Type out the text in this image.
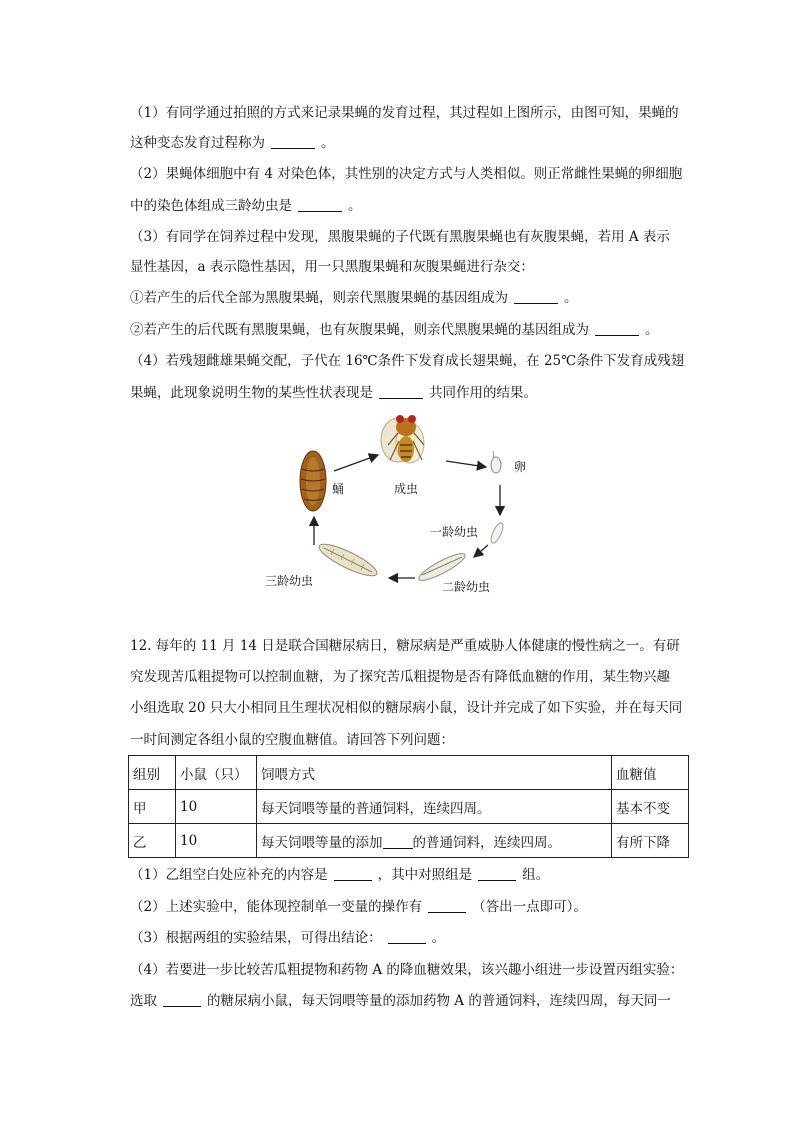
（1）有同学通过拍照的方式来记录果蝇的发育过程，其过程如上图所示，由图可知，果蝇的
这种变态发育过程称为	。
（2）果蝇体细胞中有 4 对染色体，其性别的决定方式与人类相似。则正常雌性果蝇的卵细胞
中的染色体组成三龄幼虫是	。
（3）有同学在饲养过程中发现，黑腹果蝇的子代既有黑腹果蝇也有灰腹果蝇，若用 A 表示
显性基因，a 表示隐性基因，用一只黑腹果蝇和灰腹果蝇进行杂交：
①若产生的后代全部为黑腹果蝇，则亲代黑腹果蝇的基因组成为	。
②若产生的后代既有黑腹果蝇，也有灰腹果蝇，则亲代黑腹果蝇的基因组成为	。
（4）若残翅雌雄果蝇交配，子代在 16℃条件下发育成长翅果蝇，在 25℃条件下发育成残翅
果蝇，此现象说明生物的某些性状表现是	共同作用的结果。
成虫
蛹
卵
一龄幼虫
二龄幼虫
三龄幼虫
12. 每年的 11 月 14 日是联合国糖尿病日，糖尿病是严重威胁人体健康的慢性病之一。有研
究发现苦瓜粗提物可以控制血糖，为了探究苦瓜粗提物是否有降低血糖的作用，某生物兴趣
小组选取 20 只大小相同且生理状况相似的糖尿病小鼠，设计并完成了如下实验，并在每天同
一时间测定各组小鼠的空腹血糖值。请回答下列问题：
组别	小鼠（只）	饲喂方式	血糖值
甲	10	每天饲喂等量的普通饲料，连续四周。	基本不变
乙	10	每天饲喂等量的添加 的普通饲料，连续四周。	有所下降
（1）乙组空白处应补充的内容是	，其中对照组是	组。
（2）上述实验中，能体现控制单一变量的操作有	（答出一点即可）。
（3）根据两组的实验结果，可得出结论：	。
（4）若要进一步比较苦瓜粗提物和药物 A 的降血糖效果，该兴趣小组进一步设置丙组实验：
选取	的糖尿病小鼠，每天饲喂等量的添加药物 A 的普通饲料，连续四周，每天同一
